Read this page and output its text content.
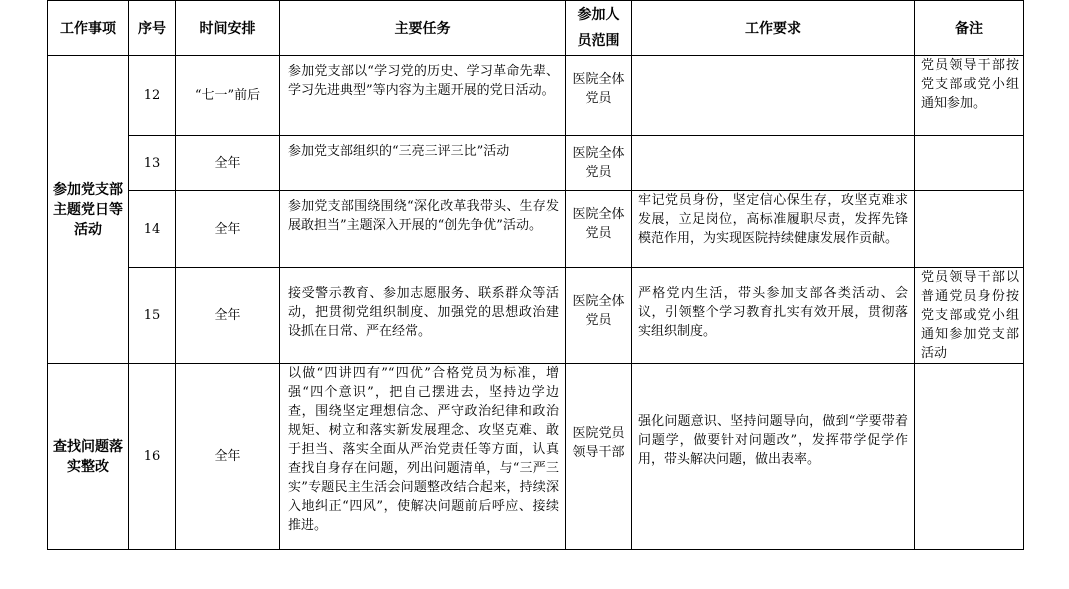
工作事项	序号	时间安排	主要任务	参加人员范围	工作要求	备注
参加党支部主题党日等活动	12	“七一”前后	参加党支部以“学习党的历史、学习革命先辈、学习先进典型”等内容为主题开展的党日活动。	医院全体党员		党员领导干部按党支部或党小组通知参加。
	13	全年	参加党支部组织的“三亮三评三比”活动	医院全体党员		
	14	全年	参加党支部围绕围绕“深化改革我带头、生存发展敢担当”主题深入开展的“创先争优”活动。	医院全体党员	牢记党员身份，坚定信心保生存，攻坚克难求发展，立足岗位，高标准履职尽责，发挥先锋模范作用，为实现医院持续健康发展作贡献。	
	15	全年	接受警示教育、参加志愿服务、联系群众等活动，把贯彻党组织制度、加强党的思想政治建设抓在日常、严在经常。	医院全体党员	严格党内生活，带头参加支部各类活动、会议，引领整个学习教育扎实有效开展，贯彻落实组织制度。	党员领导干部以普通党员身份按党支部或党小组通知参加党支部活动
查找问题落实整改	16	全年	以做“四讲四有”“四优”合格党员为标准，增强“四个意识”，把自己摆进去，坚持边学边查，围绕坚定理想信念、严守政治纪律和政治规矩、树立和落实新发展理念、攻坚克难、敢于担当、落实全面从严治党责任等方面，认真查找自身存在问题，列出问题清单，与“三严三实”专题民主生活会问题整改结合起来，持续深入地纠正“四风”，使解决问题前后呼应、接续推进。	医院党员领导干部	强化问题意识、坚持问题导向，做到“学要带着问题学，做要针对问题改”，发挥带学促学作用，带头解决问题，做出表率。	
